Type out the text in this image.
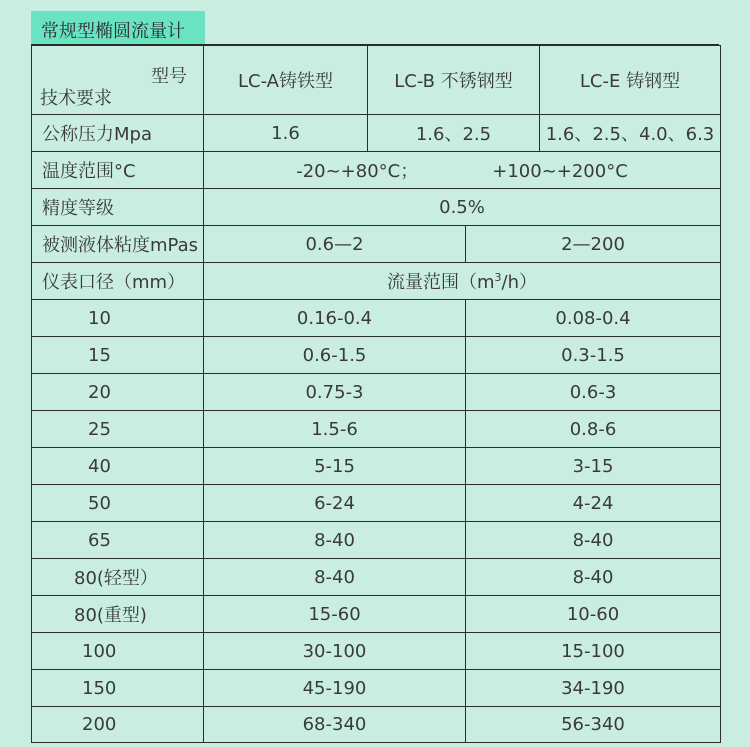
常规型椭圆流量计
型号
技术要求	LC-A铸铁型	LC-B 不锈钢型		LC-E 铸钢型
公称压力Mpa	1.6	1.6、2.5		1.6、2.5、4.0、6.3
温度范围°C	-20~+80°C； +100~+200°C			
精度等级	0.5%			
被测液体粘度mPas	0.6—2		2—200	
仪表口径（mm）	流量范围$(m^3/h)$			
10	0.16-0.4		0.08-0.4	
15	0.6-1.5		0.3-1.5	
20	0.75-3		0.6-3	
25	1.5-6		0.8-6	
40	5-15		3-15	
50	6-24		4-24	
65	8-40		8-40	
80(轻型）	8-40		8-40	
80(重型)	15-60		10-60	
100	30-100		15-100	
150	45-190		34-190	
200	68-340		56-340	
